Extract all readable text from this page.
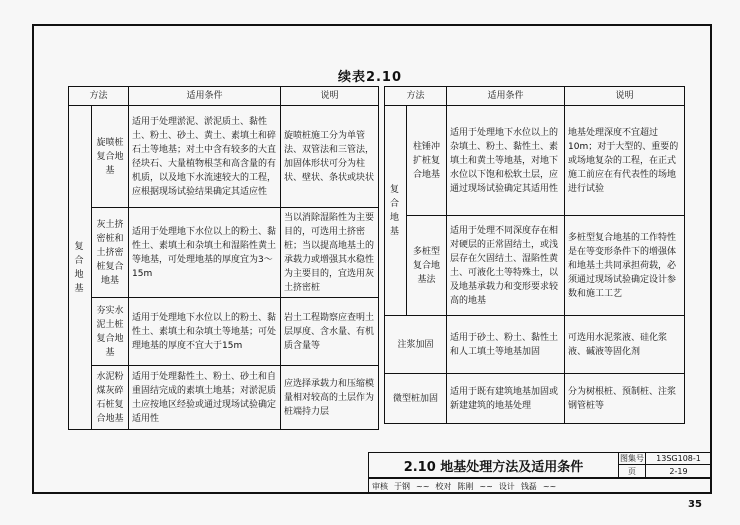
续表2.10
方法		适用条件	说明
复合地基	旋喷桩复合地基	适用于处理淤泥、淤泥质土、黏性土、粉土、砂土、黄土、素填土和碎石土等地基；对土中含有较多的大直径块石、大量植物根茎和高含量的有机质，以及地下水流速较大的工程，应根据现场试验结果确定其适应性	旋喷桩施工分为单管法、双管法和三管法，加固体形状可分为柱状、壁状、条状或块状
	灰土挤密桩和土挤密桩复合地基	适用于处理地下水位以上的粉土、黏性土、素填土和杂填土和湿陷性黄土等地基，可处理地基的厚度宜为3～15m	当以消除湿陷性为主要目的，可选用土挤密桩；当以提高地基土的承载力或增强其水稳性为主要目的，宜选用灰土挤密桩
	夯实水泥土桩复合地基	适用于处理地下水位以上的粉土、黏性土、素填土和杂填土等地基；可处理地基的厚度不宜大于15m	岩土工程勘察应查明土层厚度、含水量、有机质含量等
	水泥粉煤灰碎石桩复合地基	适用于处理黏性土、粉土、砂土和自重固结完成的素填土地基；对淤泥质土应按地区经验或通过现场试验确定适用性	应选择承载力和压缩模量相对较高的土层作为桩端持力层
方法		适用条件	说明
复合地基	柱锤冲扩桩复合地基	适用于处理地下水位以上的杂填土、粉土、黏性土、素填土和黄土等地基，对地下水位以下饱和松软土层，应通过现场试验确定其适用性	地基处理深度不宜超过10m；对于大型的、重要的或场地复杂的工程，在正式施工前应在有代表性的场地进行试验
	多桩型复合地基法	适用于处理不同深度存在相对硬层的正常固结土，或浅层存在欠固结土、湿陷性黄土、可液化土等特殊土，以及地基承载力和变形要求较高的地基	多桩型复合地基的工作特性是在等变形条件下的增强体和地基土共同承担荷载，必须通过现场试验确定设计参数和施工工艺
注浆加固		适用于砂土、粉土、黏性土和人工填土等地基加固	可选用水泥浆液、硅化浆液、碱液等固化剂
微型桩加固		适用于既有建筑地基加固或新建建筑的地基处理	分为树根桩、预制桩、注浆钢管桩等
2.10 地基处理方法及适用条件
图集号	13SG108-1
页	2-19
审核 于钢 ~~ 校对 陈刚 ~~ 设计 钱磊 ~~
35
